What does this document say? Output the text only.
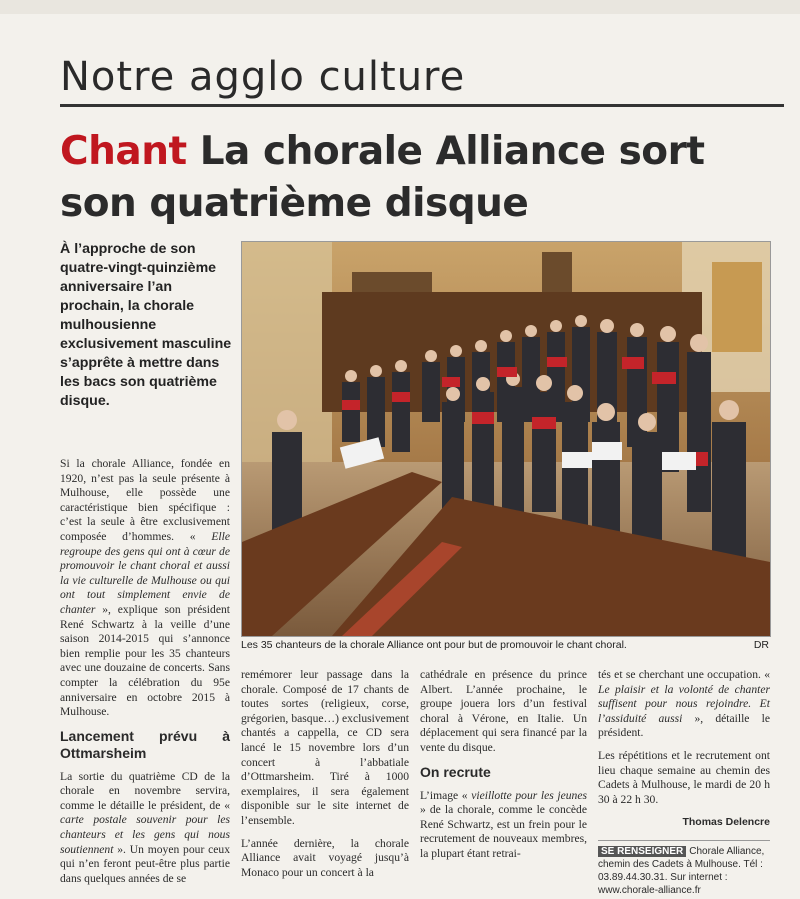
Notre agglo culture
Chant La chorale Alliance sort son quatrième disque
À l’approche de son quatre-vingt-quinzième anniversaire l’an prochain, la chorale mulhousienne exclusivement masculine s’apprête à mettre dans les bacs son quatrième disque.
Les 35 chanteurs de la chorale Alliance ont pour but de promouvoir le chant choral.	DR

Si la chorale Alliance, fondée en 1920, n’est pas la seule présente à Mulhouse, elle possède une caractéristique bien spécifique : c’est la seule à être exclusivement composée d’hommes. « Elle regroupe des gens qui ont à cœur de promouvoir le chant choral et aussi la vie culturelle de Mulhouse ou qui ont tout simplement envie de chanter », explique son président René Schwartz à la veille d’une saison 2014-2015 qui s’annonce bien remplie pour les 35 chanteurs avec une douzaine de concerts. Sans compter la célébration du 95e anniversaire en octobre 2015 à Mulhouse.

Lancement prévu à Ottmarsheim

La sortie du quatrième CD de la chorale en novembre servira, comme le détaille le président, de « carte postale souvenir pour les chanteurs et les gens qui nous soutiennent ». Un moyen pour ceux qui n’en feront peut-être plus partie dans quelques années de se

remémorer leur passage dans la chorale. Composé de 17 chants de toutes sortes (religieux, corse, grégorien, basque…) exclusivement chantés a cappella, ce CD sera lancé le 15 novembre lors d’un concert à l’abbatiale d’Ottmarsheim. Tiré à 1000 exemplaires, il sera également disponible sur le site internet de l’ensemble.

L’année dernière, la chorale Alliance avait voyagé jusqu’à Monaco pour un concert à la

cathédrale en présence du prince Albert. L’année prochaine, le groupe jouera lors d’un festival choral à Vérone, en Italie. Un déplacement qui sera financé par la vente du disque.

On recrute

L’image « vieillotte pour les jeunes » de la chorale, comme le concède René Schwartz, est un frein pour le recrutement de nouveaux membres, la plupart étant retrai-

tés et se cherchant une occupation. « Le plaisir et la volonté de chanter suffisent pour nous rejoindre. Et l’assiduité aussi », détaille le président.

Les répétitions et le recrutement ont lieu chaque semaine au chemin des Cadets à Mulhouse, le mardi de 20 h 30 à 22 h 30.

Thomas Delencre
SE RENSEIGNER Chorale Alliance, chemin des Cadets à Mulhouse. Tél : 03.89.44.30.31. Sur internet : www.chorale-alliance.fr
